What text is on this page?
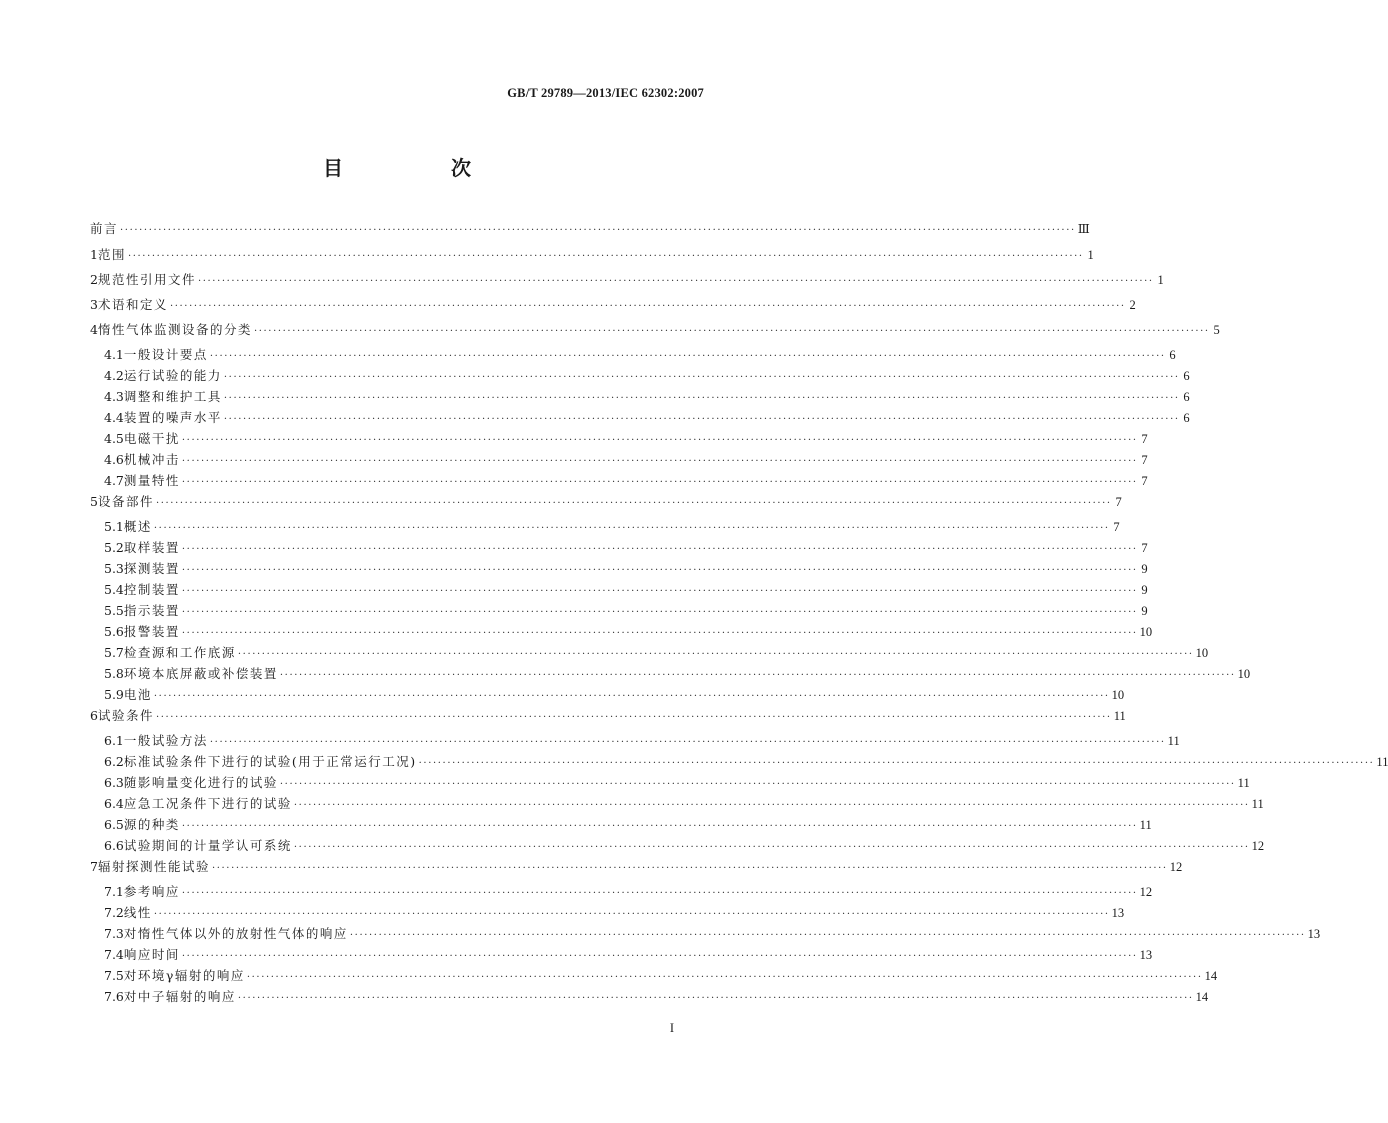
GB/T 29789—2013/IEC 62302:2007
目　次
前言 ········································································································································································································ Ⅲ
1 范围 ········································································································································································································ 1
2 规范性引用文件 ········································································································································································································ 1
3 术语和定义 ········································································································································································································ 2
4 惰性气体监测设备的分类 ········································································································································································································ 5
4.1 一般设计要点 ········································································································································································································ 6
4.2 运行试验的能力 ········································································································································································································ 6
4.3 调整和维护工具 ········································································································································································································ 6
4.4 装置的噪声水平 ········································································································································································································ 6
4.5 电磁干扰 ········································································································································································································ 7
4.6 机械冲击 ········································································································································································································ 7
4.7 测量特性 ········································································································································································································ 7
5 设备部件 ········································································································································································································ 7
5.1 概述 ········································································································································································································ 7
5.2 取样装置 ········································································································································································································ 7
5.3 探测装置 ········································································································································································································ 9
5.4 控制装置 ········································································································································································································ 9
5.5 指示装置 ········································································································································································································ 9
5.6 报警装置 ········································································································································································································ 10
5.7 检查源和工作底源 ········································································································································································································ 10
5.8 环境本底屏蔽或补偿装置 ········································································································································································································ 10
5.9 电池 ········································································································································································································ 10
6 试验条件 ········································································································································································································ 11
6.1 一般试验方法 ········································································································································································································ 11
6.2 标准试验条件下进行的试验(用于正常运行工况) ········································································································································································································ 11
6.3 随影响量变化进行的试验 ········································································································································································································ 11
6.4 应急工况条件下进行的试验 ········································································································································································································ 11
6.5 源的种类 ········································································································································································································ 11
6.6 试验期间的计量学认可系统 ········································································································································································································ 12
7 辐射探测性能试验 ········································································································································································································ 12
7.1 参考响应 ········································································································································································································ 12
7.2 线性 ········································································································································································································ 13
7.3 对惰性气体以外的放射性气体的响应 ········································································································································································································ 13
7.4 响应时间 ········································································································································································································ 13
7.5 对环境γ辐射的响应 ········································································································································································································ 14
7.6 对中子辐射的响应 ········································································································································································································ 14
I
